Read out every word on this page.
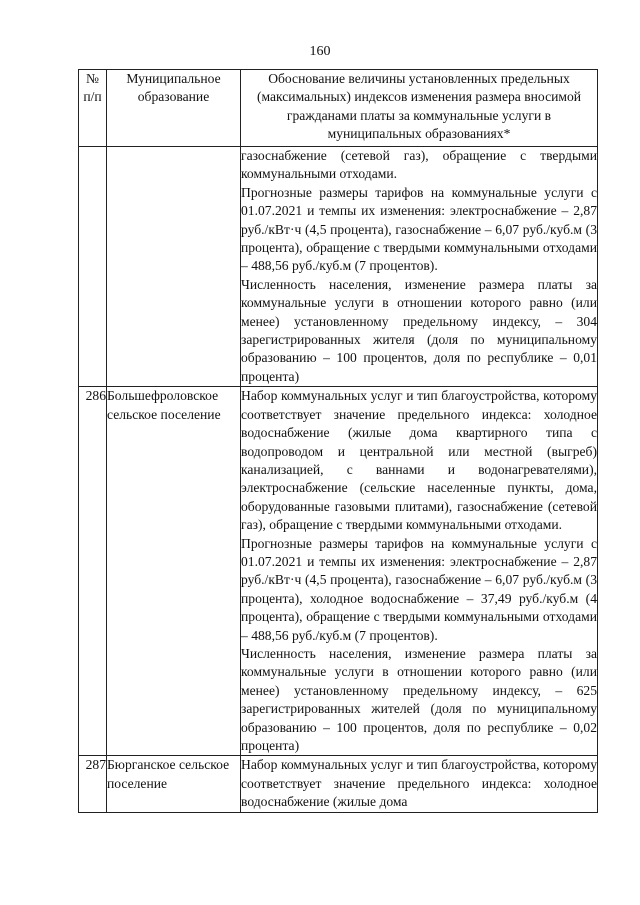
160
№ п/п	Муниципальное образование	Обоснование величины установленных предельных (максимальных) индексов изменения размера вносимой гражданами платы за коммунальные услуги в муниципальных образованиях*

		газоснабжение (сетевой газ), обращение с твердыми коммунальными отходами.

Прогнозные размеры тарифов на коммунальные услуги с 01.07.2021 и темпы их изменения: электроснабжение – 2,87 руб./кВт·ч (4,5 процента), газоснабжение – 6,07 руб./куб.м (3 процента), обращение с твердыми коммунальными отходами – 488,56 руб./куб.м (7 процентов).

Численность населения, изменение размера платы за коммунальные услуги в отношении которого равно (или менее) установленному предельному индексу, – 304 зарегистрированных жителя (доля по муниципальному образованию – 100 процентов, доля по республике – 0,01 процента)

286	Большефроловское сельское поселение	Набор коммунальных услуг и тип благоустройства, которому соответствует значение предельного индекса: холодное водоснабжение (жилые дома квартирного типа с водопроводом и центральной или местной (выгреб) канализацией, с ваннами и водонагревателями), электроснабжение (сельские населенные пункты, дома, оборудованные газовыми плитами), газоснабжение (сетевой газ), обращение с твердыми коммунальными отходами.

Прогнозные размеры тарифов на коммунальные услуги с 01.07.2021 и темпы их изменения: электроснабжение – 2,87 руб./кВт·ч (4,5 процента), газоснабжение – 6,07 руб./куб.м (3 процента), холодное водоснабжение – 37,49 руб./куб.м (4 процента), обращение с твердыми коммунальными отходами – 488,56 руб./куб.м (7 процентов).

Численность населения, изменение размера платы за коммунальные услуги в отношении которого равно (или менее) установленному предельному индексу, – 625 зарегистрированных жителей (доля по муниципальному образованию – 100 процентов, доля по республике – 0,02 процента)

287	Бюрганское сельское поселение	Набор коммунальных услуг и тип благоустройства, которому соответствует значение предельного индекса: холодное водоснабжение (жилые дома
